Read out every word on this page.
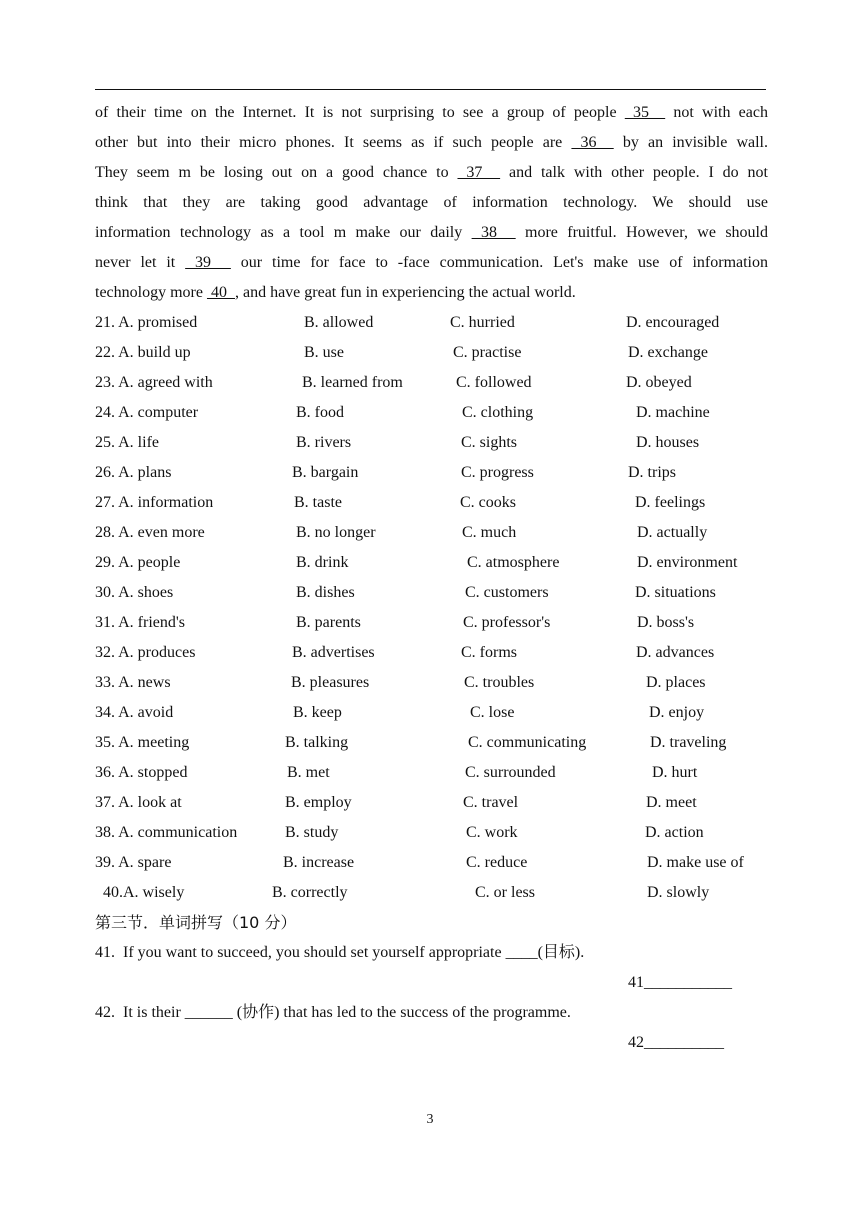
of their time on the Internet. It is not surprising to see a group of people  35_  not with each
other but into their micro phones. It seems as if such people are  36_  by an invisible wall.
They seem m be losing out on a good chance to  37   and talk with other people. I do not
think that they are taking good advantage of information technology. We should use
information technology as a tool m make our daily  38   more fruitful. However, we should
never let it  39   our time for face to -face communication. Let's make use of information
technology more  40  , and have great fun in experiencing the actual world.
21. A. promised	B. allowed	C. hurried	D. encouraged
22. A. build up	B. use	C. practise	D. exchange
23. A. agreed with	B. learned from	C. followed	D. obeyed
24. A. computer	B. food	C. clothing	D. machine
25. A. life	B. rivers	C. sights	D. houses
26. A. plans	B. bargain	C. progress	D. trips
27. A. information	B. taste	C. cooks	D. feelings
28. A. even more	B. no longer	C. much	D. actually
29. A. people	B. drink	C. atmosphere	D. environment
30. A. shoes	B. dishes	C. customers	D. situations
31. A. friend's	B. parents	C. professor's	D. boss's
32. A. produces	B. advertises	C. forms	D. advances
33. A. news	B. pleasures	C. troubles	D. places
34. A. avoid	B. keep	C. lose	D. enjoy
35. A. meeting	B. talking	C. communicating	D. traveling
36. A. stopped	B. met	C. surrounded	D. hurt
37. A. look at	B. employ	C. travel	D. meet
38. A. communication	B. study	C. work	D. action
39. A. spare	B. increase	C. reduce	D. make use of
40.A. wisely	B. correctly	C. or less	D. slowly
第三节．单词拼写（10 分）
41.  If you want to succeed, you should set yourself appropriate ____(目标).
41___________
42.  It is their ______ (协作) that has led to the success of the programme.
42__________
3
